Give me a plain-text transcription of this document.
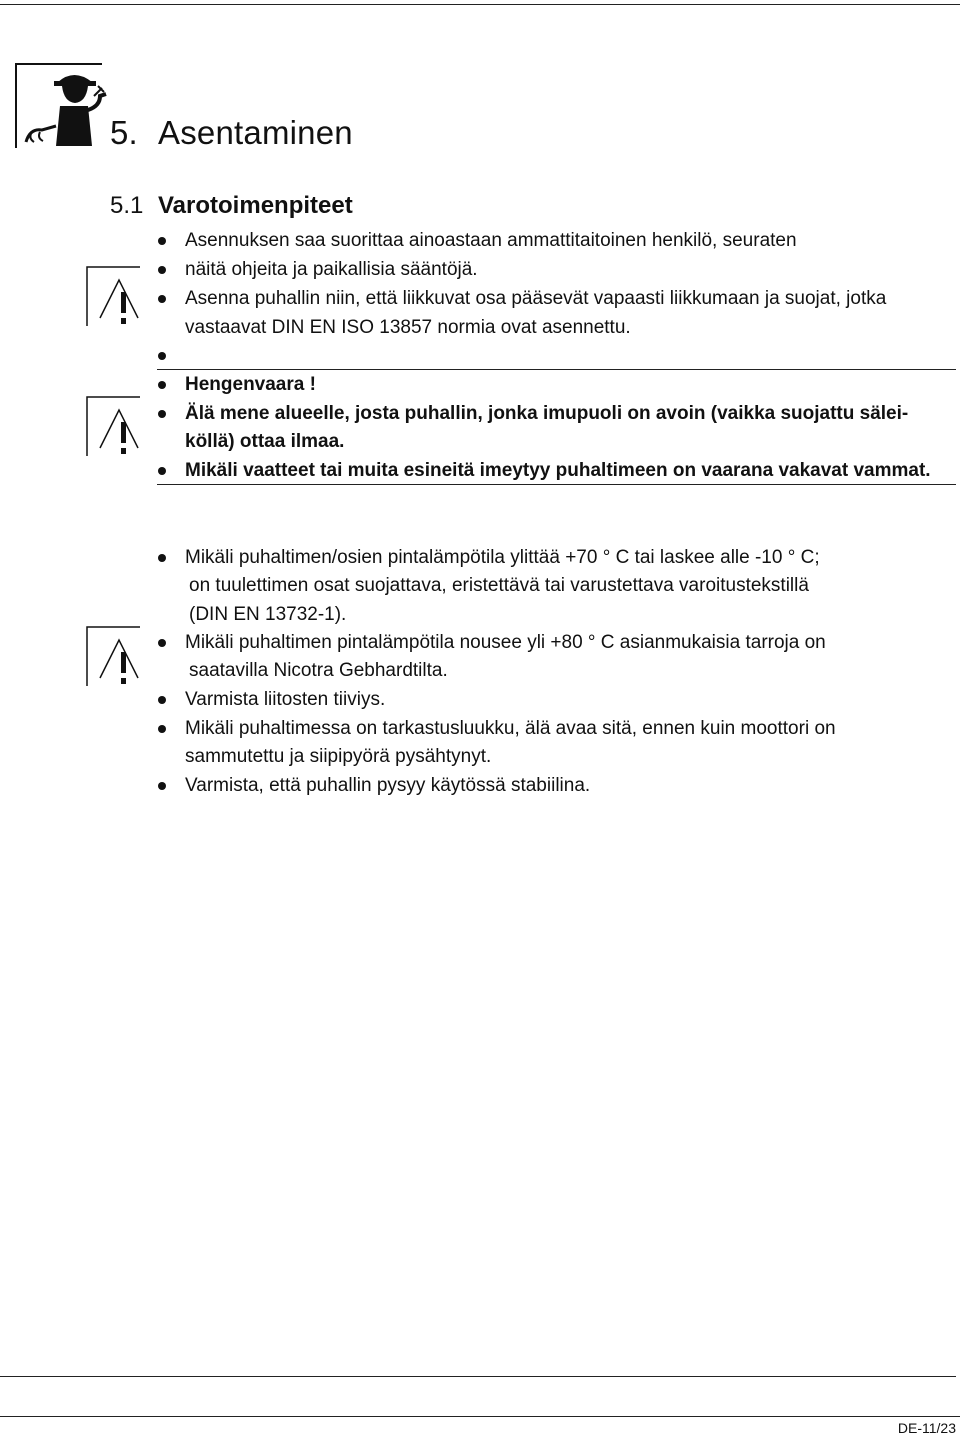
5. Asentaminen
5.1 Varotoimenpiteet
Asennuksen saa suorittaa ainoastaan ammattitaitoinen henkilö, seuraten
näitä ohjeita ja paikallisia sääntöjä.
Asenna puhallin niin, että liikkuvat osa pääsevät vapaasti liikkumaan ja suojat, jotka
vastaavat DIN EN ISO 13857 normia ovat asennettu.
Hengenvaara !
Älä mene alueelle, josta puhallin, jonka imupuoli on avoin (vaikka suojattu sälei-
köllä) ottaa ilmaa.
Mikäli vaatteet tai muita esineitä imeytyy puhaltimeen on vaarana vakavat vammat.
Mikäli puhaltimen/osien pintalämpötila ylittää +70 ° C tai laskee alle -10 ° C;
on tuulettimen osat suojattava, eristettävä tai varustettava varoitustekstillä
(DIN EN 13732-1).
Mikäli puhaltimen pintalämpötila nousee yli +80 ° C asianmukaisia tarroja on
saatavilla Nicotra Gebhardtilta.
Varmista liitosten tiiviys.
Mikäli puhaltimessa on tarkastusluukku, älä avaa sitä, ennen kuin moottori on
sammutettu ja siipipyörä pysähtynyt.
Varmista, että puhallin pysyy käytössä stabiilina.
DE-11/23
